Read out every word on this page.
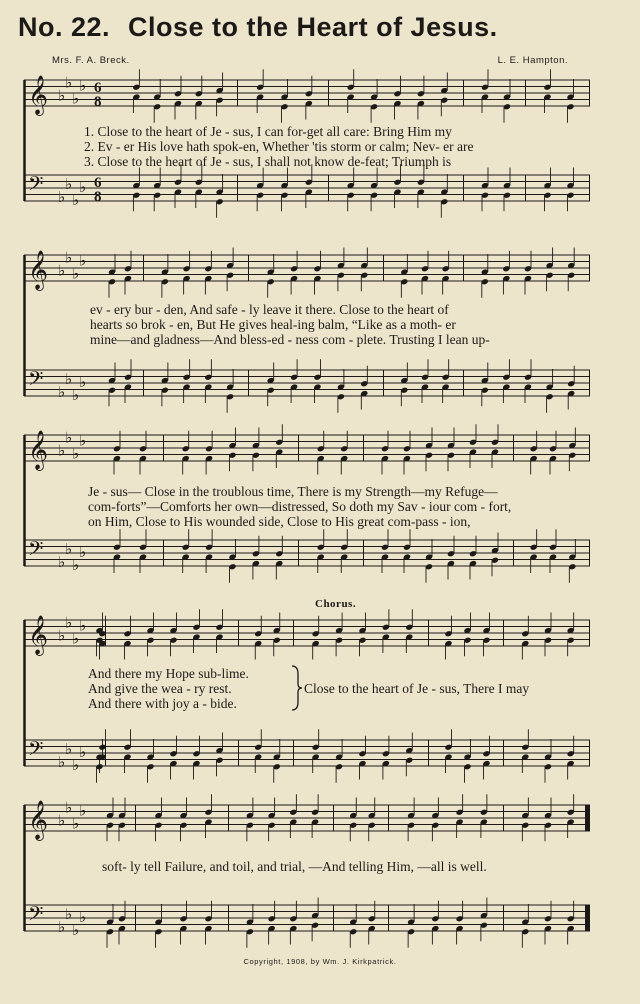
No. 22. Close to the Heart of Jesus.
Mrs. F. A. Breck.	L. E. Hampton.
𝄞 ♭
♭
♭
♭ 6
8
𝄢 ♭
♭
♭
♭ 6
8
1. Close to the heart of Je - sus, I can for-get all care: Bring Him my
2. Ev - er His love hath spok-en, Whether 'tis storm or calm; Nev- er are
3. Close to the heart of Je - sus, I shall not know de-feat; Triumph is
𝄞 ♭
♭
♭
♭
𝄢 ♭
♭
♭
♭
ev - ery bur - den, And safe - ly leave it there. Close to the heart of
hearts so brok - en, But He gives heal-ing balm, “Like as a moth- er
mine—and gladness—And bless-ed - ness com - plete. Trusting I lean up-
𝄞 ♭
♭
♭
♭
𝄢 ♭
♭
♭
♭
Je - sus— Close in the troublous time, There is my Strength—my Refuge—
com-forts”—Comforts her own—distressed, So doth my Sav - iour com - fort,
on Him, Close to His wounded side, Close to His great com-pass - ion,
Chorus.
𝄞 ♭
♭
♭
♭
𝄢 ♭
♭
♭
♭
And there my Hope sub-lime.
And give the wea - ry rest.
And there with joy a - bide.
Close to the heart of Je - sus, There I may
𝄞 ♭
♭
♭
♭
𝄢 ♭
♭
♭
♭
soft- ly tell Failure, and toil, and trial, —And telling Him, —all is well.
Copyright, 1908, by Wm. J. Kirkpatrick.
